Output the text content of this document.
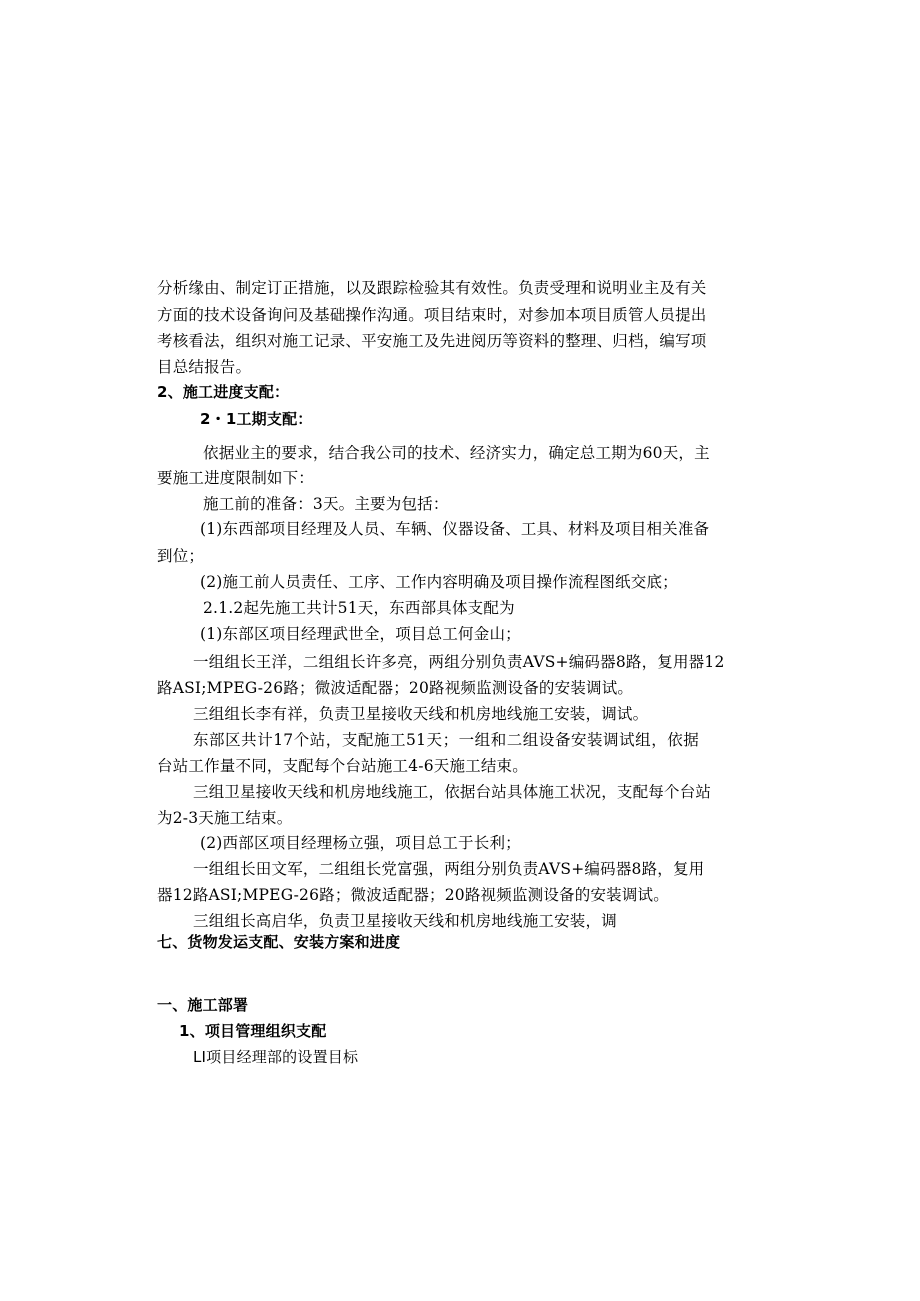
分析缘由、制定订正措施，以及跟踪检验其有效性。负责受理和说明业主及有关
方面的技术设备询问及基础操作沟通。项目结束时，对参加本项目质管人员提出
考核看法，组织对施工记录、平安施工及先进阅历等资料的整理、归档，编写项
目总结报告。
2、施工进度支配：
2・1工期支配：
依据业主的要求，结合我公司的技术、经济实力，确定总工期为60天，主
要施工进度限制如下：
施工前的准备：3天。主要为包括：
(1)东西部项目经理及人员、车辆、仪器设备、工具、材料及项目相关准备
到位；
(2)施工前人员责任、工序、工作内容明确及项目操作流程图纸交底；
2.1.2起先施工共计51天，东西部具体支配为
(1)东部区项目经理武世全，项目总工何金山；
一组组长王洋，二组组长许多亮，两组分别负责AVS+编码器8路，复用器12
路ASI;MPEG-26路；微波适配器；20路视频监测设备的安装调试。
三组组长李有祥，负责卫星接收天线和机房地线施工安装，调试。
东部区共计17个站，支配施工51天；一组和二组设备安装调试组，依据
台站工作量不同，支配每个台站施工4-6天施工结束。
三组卫星接收天线和机房地线施工，依据台站具体施工状况，支配每个台站
为2-3天施工结束。
(2)西部区项目经理杨立强，项目总工于长利；
一组组长田文军，二组组长党富强，两组分别负责AVS+编码器8路，复用
器12路ASI;MPEG-26路；微波适配器；20路视频监测设备的安装调试。
三组组长高启华，负责卫星接收天线和机房地线施工安装，调
七、货物发运支配、安装方案和进度
一、施工部署
1、项目管理组织支配
LI项目经理部的设置目标
